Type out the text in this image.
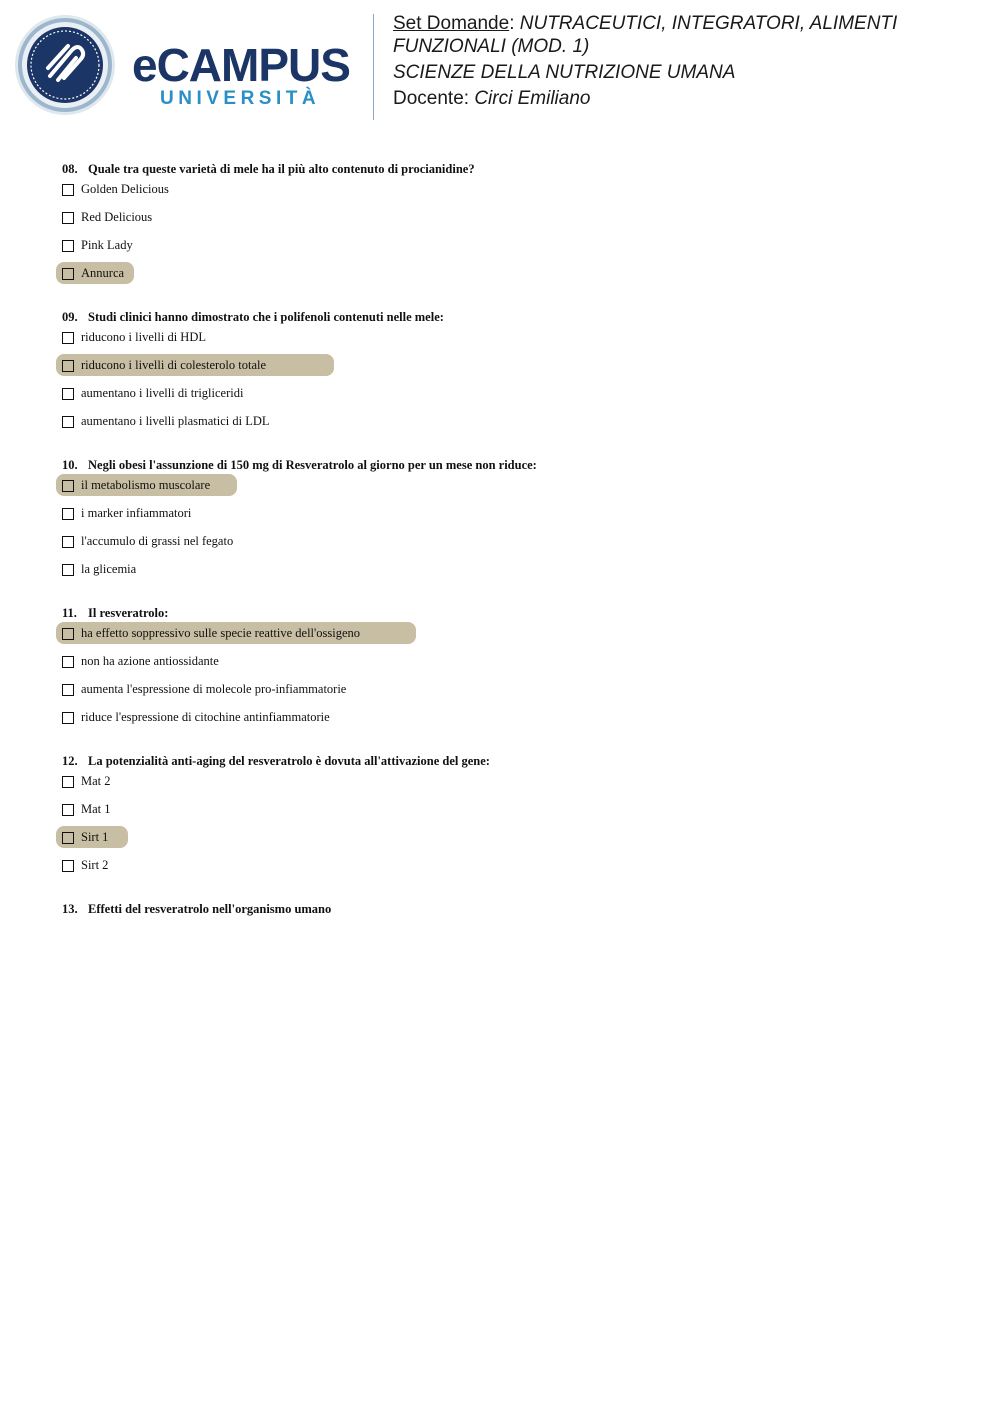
eCAMPUS
UNIVERSITÀ
Set Domande: NUTRACEUTICI, INTEGRATORI, ALIMENTI
FUNZIONALI (MOD. 1)
SCIENZE DELLA NUTRIZIONE UMANA
Docente: Circi Emiliano
08. Quale tra queste varietà di mele ha il più alto contenuto di procianidine?
Golden Delicious
Red Delicious
Pink Lady
Annurca
09. Studi clinici hanno dimostrato che i polifenoli contenuti nelle mele:
riducono i livelli di HDL
riducono i livelli di colesterolo totale
aumentano i livelli di trigliceridi
aumentano i livelli plasmatici di LDL
10. Negli obesi l'assunzione di 150 mg di Resveratrolo al giorno per un mese non riduce:
il metabolismo muscolare
i marker infiammatori
l'accumulo di grassi nel fegato
la glicemia
11. Il resveratrolo:
ha effetto soppressivo sulle specie reattive dell'ossigeno
non ha azione antiossidante
aumenta l'espressione di molecole pro-infiammatorie
riduce l'espressione di citochine antinfiammatorie
12. La potenzialità anti-aging del resveratrolo è dovuta all'attivazione del gene:
Mat 2
Mat 1
Sirt 1
Sirt 2
13. Effetti del resveratrolo nell'organismo umano
